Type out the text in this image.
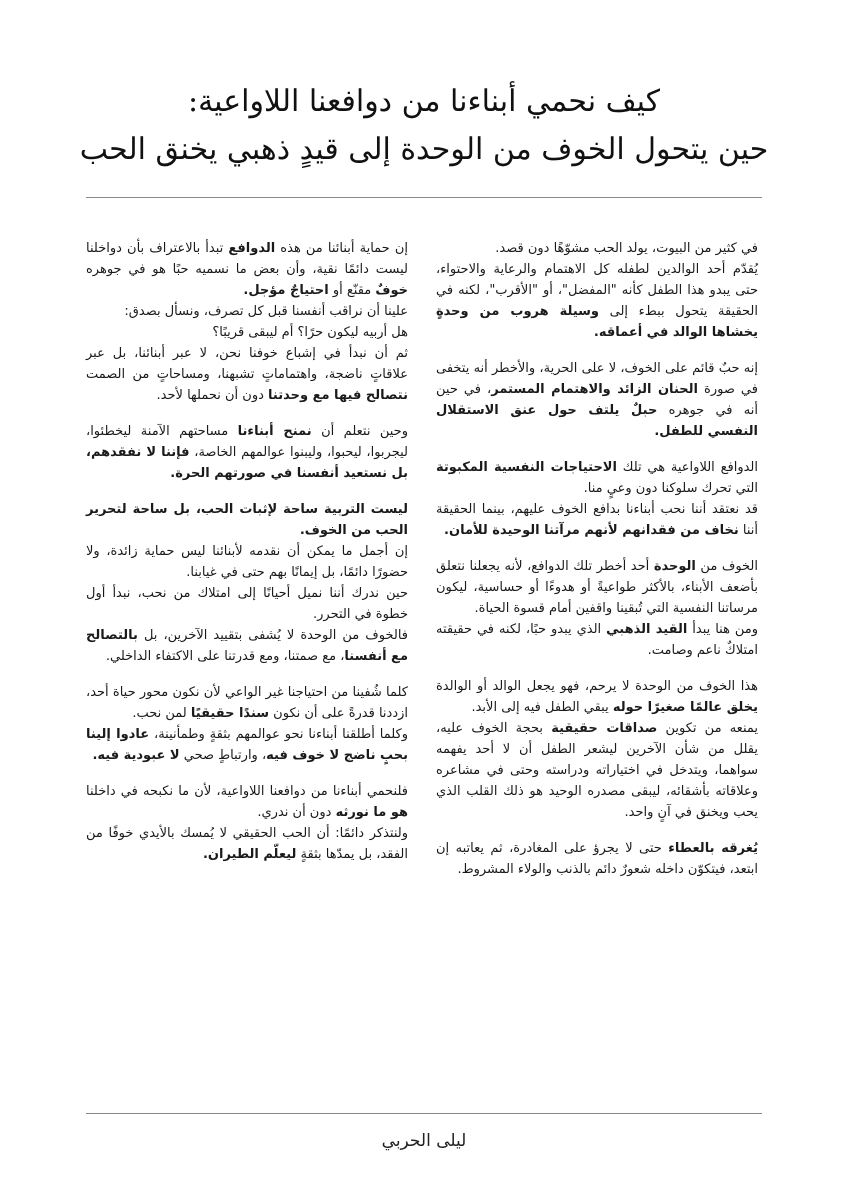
كيف نحمي أبناءنا من دوافعنا اللاواعية:
حين يتحول الخوف من الوحدة إلى قيدٍ ذهبي يخنق الحب

في كثير من البيوت، يولد الحب مشوّهًا دون قصد.
يُقدّم أحد الوالدين لطفله كل الاهتمام والرعاية والاحتواء، حتى يبدو هذا الطفل كأنه "المفضل"، أو "الأقرب"، لكنه في الحقيقة يتحول ببطء إلى وسيلة هروب من وحدةٍ يخشاها الوالد في أعماقه.

إنه حبٌ قائم على الخوف، لا على الحرية، والأخطر أنه يتخفى في صورة الحنان الزائد والاهتمام المستمر، في حين أنه في جوهره حبلٌ يلتف حول عنق الاستقلال النفسي للطفل.

الدوافع اللاواعية هي تلك الاحتياجات النفسية المكبوتة التي تحرك سلوكنا دون وعيٍ منا.
قد نعتقد أننا نحب أبناءنا بدافع الخوف عليهم، بينما الحقيقة أننا نخاف من فقدانهم لأنهم مرآتنا الوحيدة للأمان.

الخوف من الوحدة أحد أخطر تلك الدوافع، لأنه يجعلنا نتعلق بأضعف الأبناء، بالأكثر طواعيةً أو هدوءًا أو حساسية، ليكون مرساتنا النفسية التي تُبقينا واقفين أمام قسوة الحياة.
ومن هنا يبدأ القيد الذهبي الذي يبدو حبًا، لكنه في حقيقته امتلاكٌ ناعم وصامت.

هذا الخوف من الوحدة لا يرحم، فهو يجعل الوالد أو الوالدة يخلق عالمًا صغيرًا حوله يبقي الطفل فيه إلى الأبد.
يمنعه من تكوين صداقات حقيقية بحجة الخوف عليه، يقلل من شأن الآخرين ليشعر الطفل أن لا أحد يفهمه سواهما، ويتدخل في اختياراته ودراسته وحتى في مشاعره وعلاقاته بأشقائه، ليبقى مصدره الوحيد هو ذلك القلب الذي يحب ويخنق في آنٍ واحد.

يُغرقه بالعطاء حتى لا يجرؤ على المغادرة، ثم يعاتبه إن ابتعد، فيتكوّن داخله شعورٌ دائم بالذنب والولاء المشروط.

إن حماية أبنائنا من هذه الدوافع تبدأ بالاعتراف بأن دواخلنا ليست دائمًا نقية، وأن بعض ما نسميه حبًا هو في جوهره خوفٌ مقنّع أو احتياجٌ مؤجل.
علينا أن نراقب أنفسنا قبل كل تصرف، ونسأل بصدق:
هل أربيه ليكون حرًا؟ أم ليبقى قريبًا؟
ثم أن نبدأ في إشباع خوفنا نحن، لا عبر أبنائنا، بل عبر علاقاتٍ ناضجة، واهتماماتٍ تشبهنا، ومساحاتٍ من الصمت نتصالح فيها مع وحدتنا دون أن نحملها لأحد.

وحين نتعلم أن نمنح أبناءنا مساحتهم الآمنة ليخطئوا، ليجربوا، ليحبوا، وليبنوا عوالمهم الخاصة، فإننا لا نفقدهم، بل نستعيد أنفسنا في صورتهم الحرة.

ليست التربية ساحة لإثبات الحب، بل ساحة لتحرير الحب من الخوف.
إن أجمل ما يمكن أن نقدمه لأبنائنا ليس حماية زائدة، ولا حضورًا دائمًا، بل إيمانًا بهم حتى في غيابنا.
حين ندرك أننا نميل أحيانًا إلى امتلاك من نحب، نبدأ أول خطوة في التحرر.
فالخوف من الوحدة لا يُشفى بتقييد الآخرين، بل بالتصالح مع أنفسنا، مع صمتنا، ومع قدرتنا على الاكتفاء الداخلي.

كلما شُفينا من احتياجنا غير الواعي لأن نكون محور حياة أحد، ازددنا قدرةً على أن نكون سندًا حقيقيًا لمن نحب.
وكلما أطلقنا أبناءنا نحو عوالمهم بثقةٍ وطمأنينة، عادوا إلينا بحبٍ ناضج لا خوف فيه، وارتباطٍ صحي لا عبودية فيه.

فلنحمي أبناءنا من دوافعنا اللاواعية، لأن ما نكبحه في داخلنا هو ما نورثه دون أن ندري.
ولنتذكر دائمًا: أن الحب الحقيقي لا يُمسك بالأيدي خوفًا من الفقد، بل يمدّها بثقةٍ ليعلّم الطيران.

ليلى الحربي
